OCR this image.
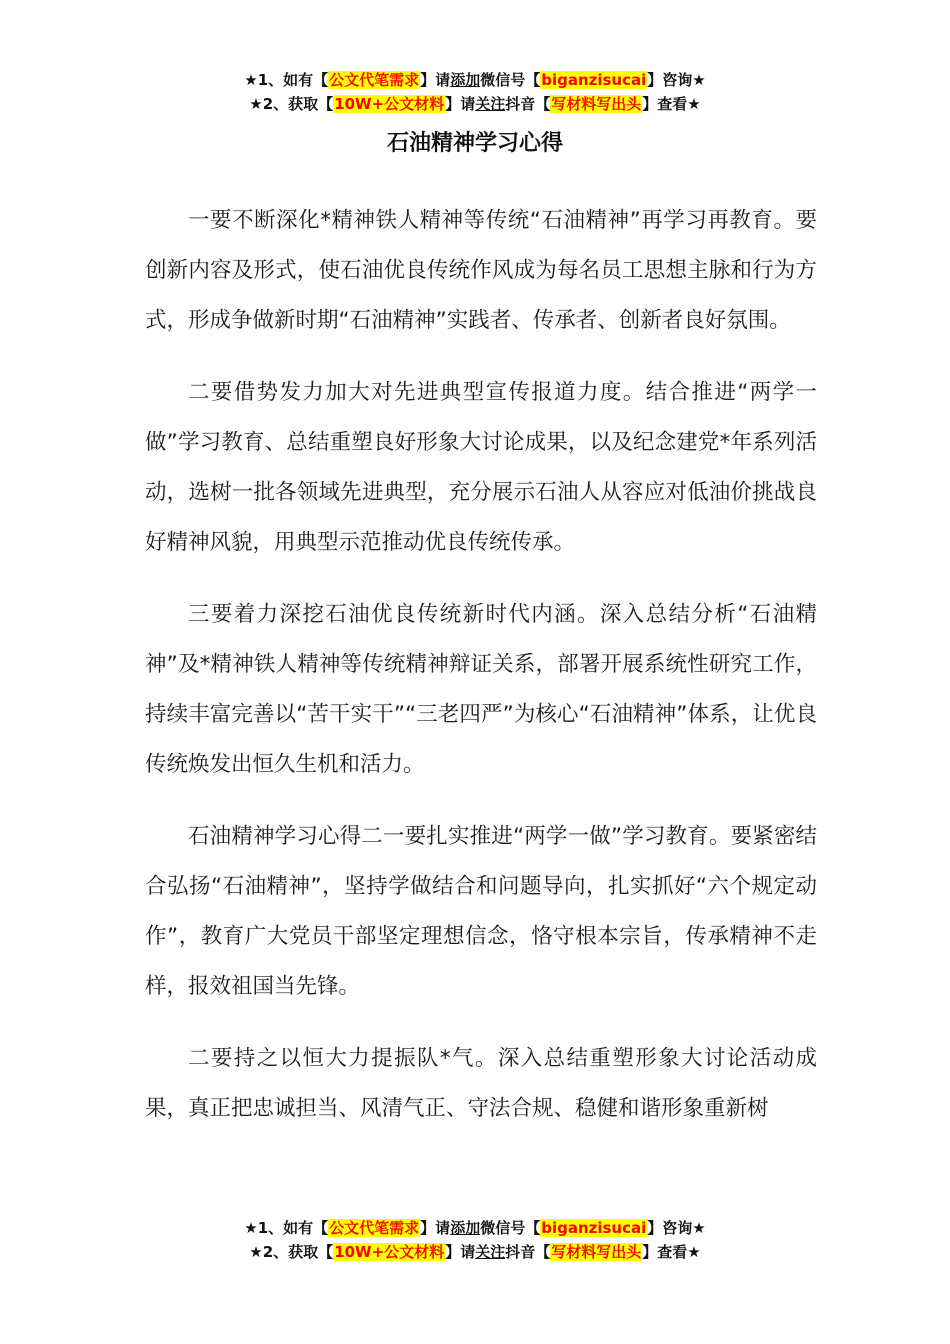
★1、如有【公文代笔需求】请添加微信号【biganzisucai】咨询★
★2、获取【10W+公文材料】请关注抖音【写材料写出头】查看★
石油精神学习心得

一要不断深化*精神铁人精神等传统“石油精神”再学习再教育。要创新内容及形式，使石油优良传统作风成为每名员工思想主脉和行为方式，形成争做新时期“石油精神”实践者、传承者、创新者良好氛围。

二要借势发力加大对先进典型宣传报道力度。结合推进“两学一做”学习教育、总结重塑良好形象大讨论成果，以及纪念建党*年系列活动，选树一批各领域先进典型，充分展示石油人从容应对低油价挑战良好精神风貌，用典型示范推动优良传统传承。

三要着力深挖石油优良传统新时代内涵。深入总结分析“石油精神”及*精神铁人精神等传统精神辩证关系，部署开展系统性研究工作，持续丰富完善以“苦干实干”“三老四严”为核心“石油精神”体系，让优良传统焕发出恒久生机和活力。

石油精神学习心得二一要扎实推进“两学一做”学习教育。要紧密结合弘扬“石油精神”，坚持学做结合和问题导向，扎实抓好“六个规定动作”，教育广大党员干部坚定理想信念，恪守根本宗旨，传承精神不走样，报效祖国当先锋。

二要持之以恒大力提振队*气。深入总结重塑形象大讨论活动成果，真正把忠诚担当、风清气正、守法合规、稳健和谐形象重新树

★1、如有【公文代笔需求】请添加微信号【biganzisucai】咨询★
★2、获取【10W+公文材料】请关注抖音【写材料写出头】查看★
